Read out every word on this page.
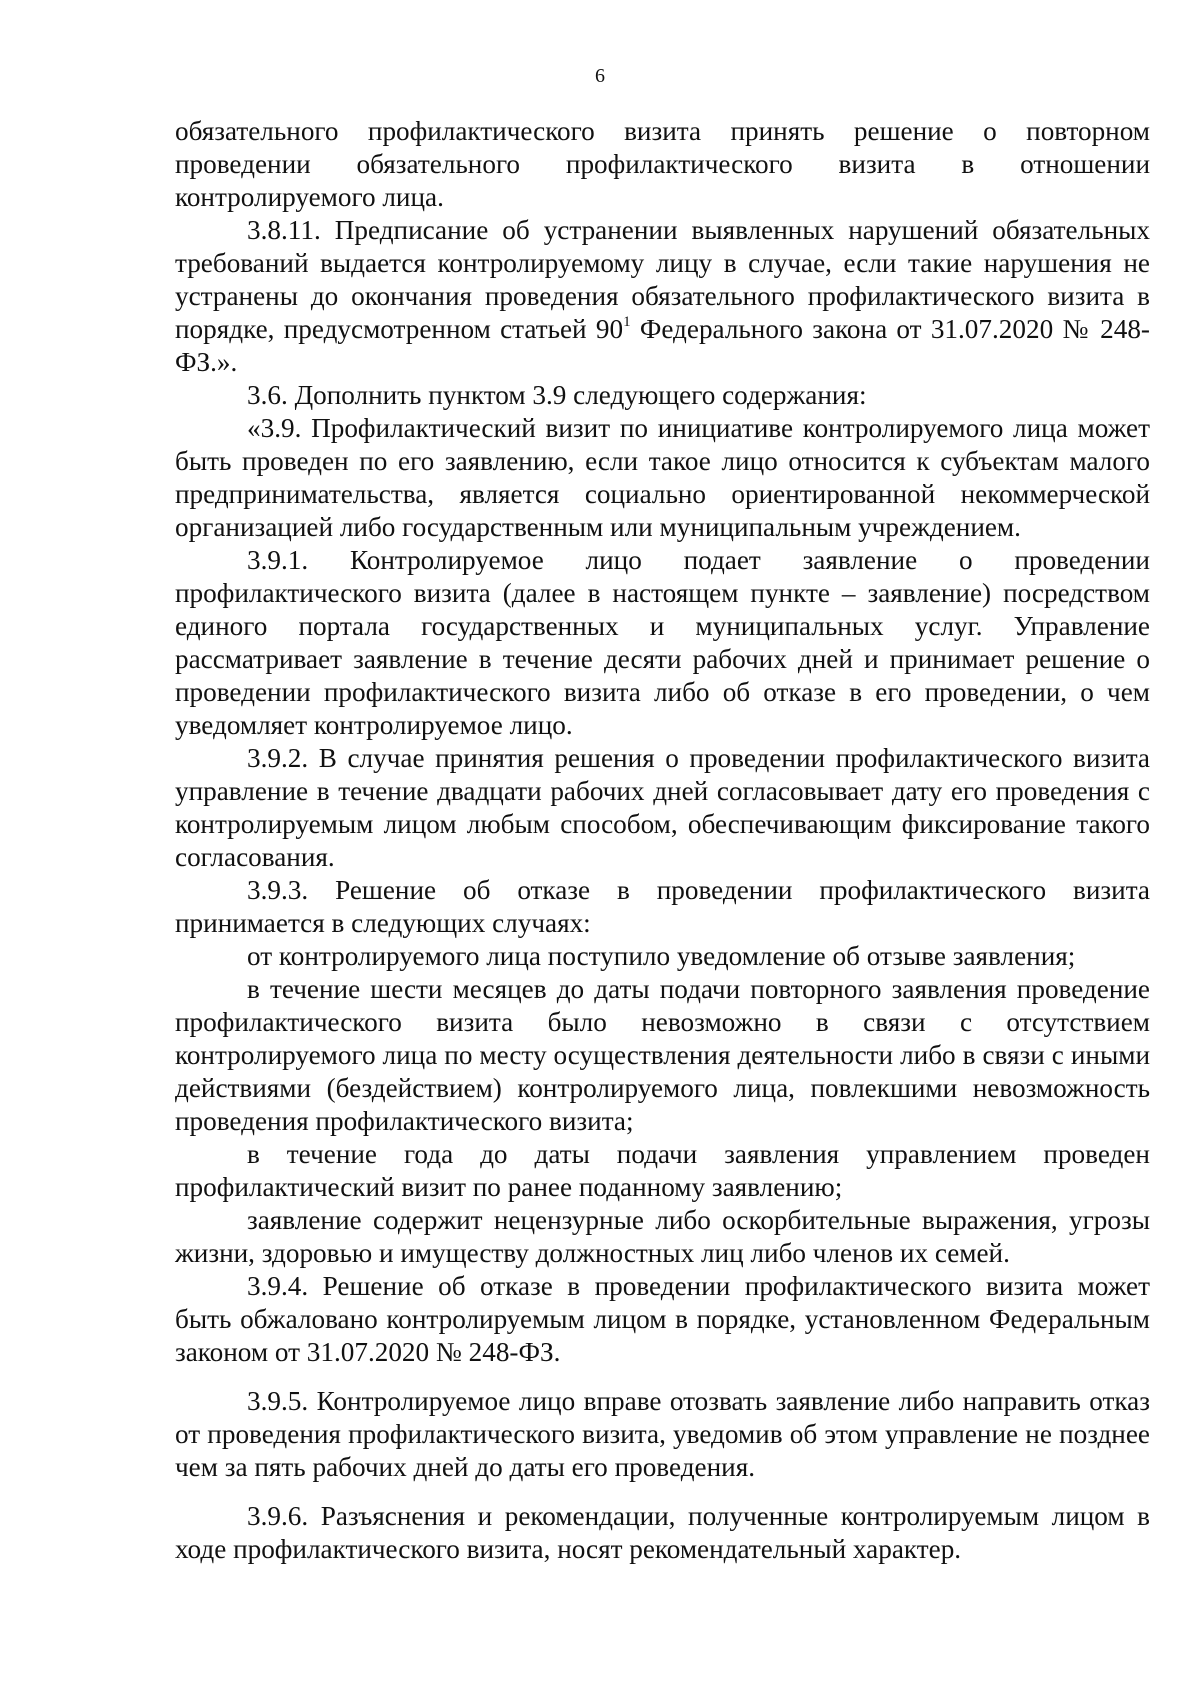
6

обязательного профилактического визита принять решение о повторном проведении обязательного профилактического визита в отношении контролируемого лица.

3.8.11. Предписание об устранении выявленных нарушений обязательных требований выдается контролируемому лицу в случае, если такие нарушения не устранены до окончания проведения обязательного профилактического визита в порядке, предусмотренном статьей $90^1$ Федерального закона от 31.07.2020 № 248-ФЗ.».

3.6. Дополнить пунктом 3.9 следующего содержания:

«3.9. Профилактический визит по инициативе контролируемого лица может быть проведен по его заявлению, если такое лицо относится к субъектам малого предпринимательства, является социально ориентированной некоммерческой организацией либо государственным или муниципальным учреждением.

3.9.1. Контролируемое лицо подает заявление о проведении профилактического визита (далее в настоящем пункте – заявление) посредством единого портала государственных и муниципальных услуг. Управление рассматривает заявление в течение десяти рабочих дней и принимает решение о проведении профилактического визита либо об отказе в его проведении, о чем уведомляет контролируемое лицо.

3.9.2. В случае принятия решения о проведении профилактического визита управление в течение двадцати рабочих дней согласовывает дату его проведения с контролируемым лицом любым способом, обеспечивающим фиксирование такого согласования.

3.9.3. Решение об отказе в проведении профилактического визита принимается в следующих случаях:

от контролируемого лица поступило уведомление об отзыве заявления;

в течение шести месяцев до даты подачи повторного заявления проведение профилактического визита было невозможно в связи с отсутствием контролируемого лица по месту осуществления деятельности либо в связи с иными действиями (бездействием) контролируемого лица, повлекшими невозможность проведения профилактического визита;

в течение года до даты подачи заявления управлением проведен профилактический визит по ранее поданному заявлению;

заявление содержит нецензурные либо оскорбительные выражения, угрозы жизни, здоровью и имуществу должностных лиц либо членов их семей.

3.9.4. Решение об отказе в проведении профилактического визита может быть обжаловано контролируемым лицом в порядке, установленном Федеральным законом от 31.07.2020 № 248-ФЗ.

3.9.5. Контролируемое лицо вправе отозвать заявление либо направить отказ от проведения профилактического визита, уведомив об этом управление не позднее чем за пять рабочих дней до даты его проведения.

3.9.6. Разъяснения и рекомендации, полученные контролируемым лицом в ходе профилактического визита, носят рекомендательный характер.
